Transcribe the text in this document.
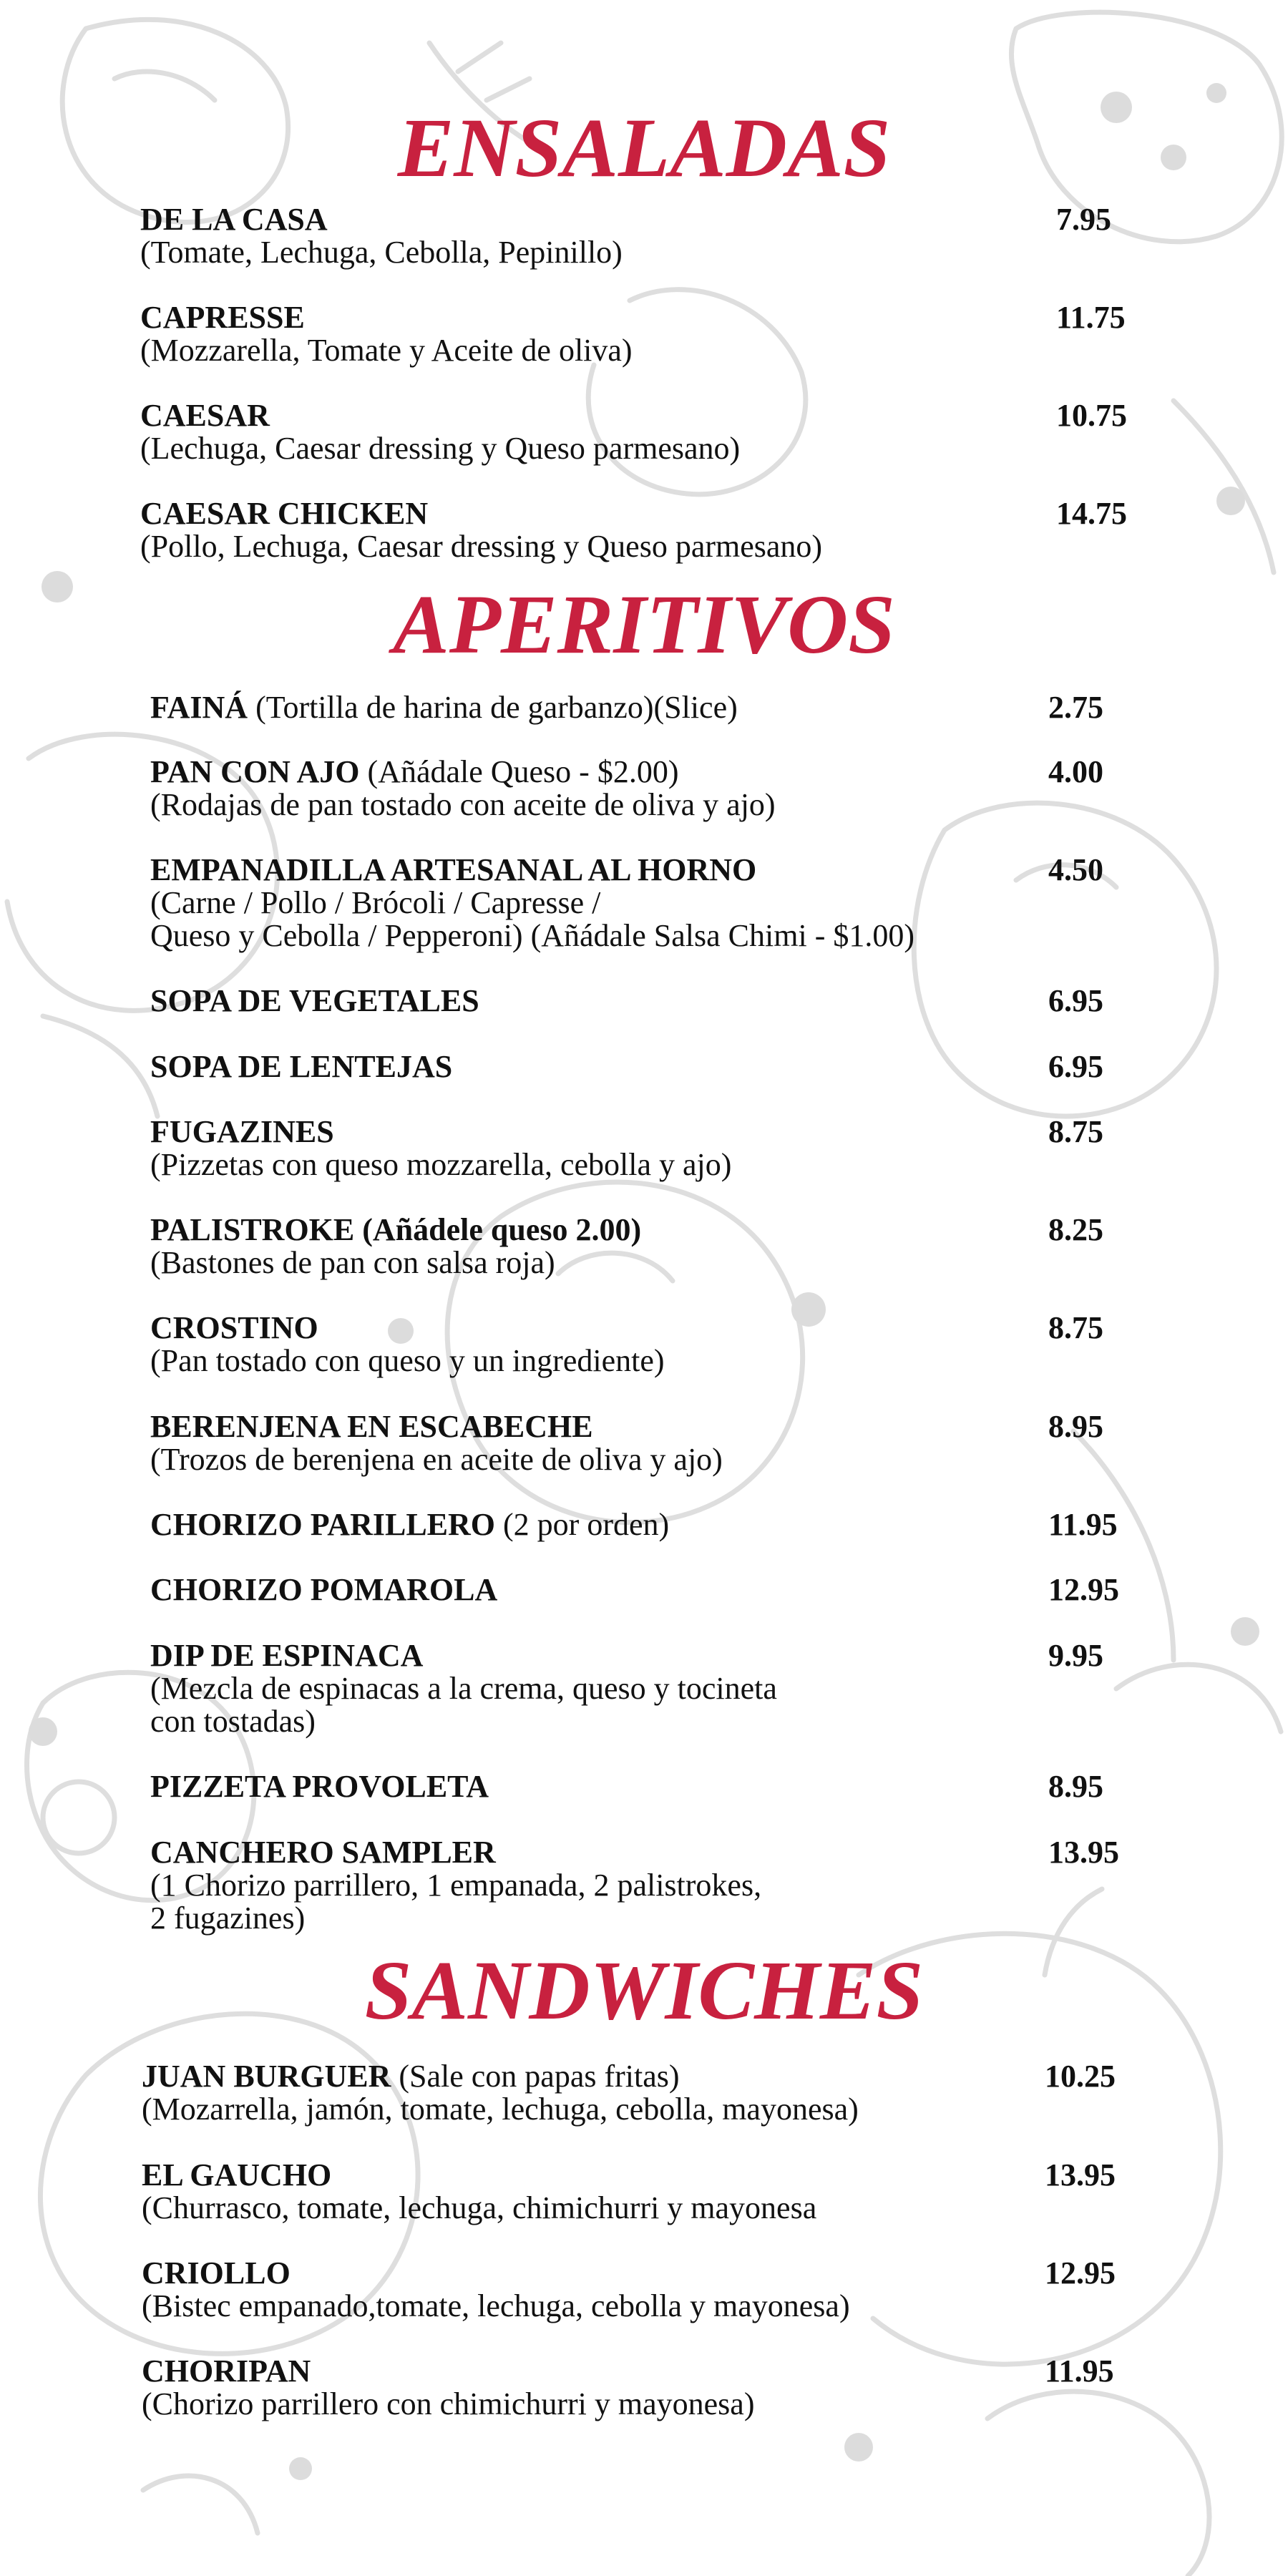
ENSALADAS
DE LA CASA
(Tomate, Lechuga, Cebolla, Pepinillo)
7.95
CAPRESSE
(Mozzarella, Tomate y Aceite de oliva)
11.75
CAESAR
(Lechuga, Caesar dressing y Queso parmesano)
10.75
CAESAR CHICKEN
(Pollo, Lechuga, Caesar dressing y Queso parmesano)
14.75
APERITIVOS
FAINÁ (Tortilla de harina de garbanzo)(Slice)	2.75
PAN CON AJO (Añádale Queso - $2.00)
(Rodajas de pan tostado con aceite de oliva y ajo)
4.00
EMPANADILLA ARTESANAL AL HORNO
(Carne / Pollo / Brócoli / Capresse /
Queso y Cebolla / Pepperoni) (Añádale Salsa Chimi - $1.00)
4.50
SOPA DE VEGETALES	6.95
SOPA DE LENTEJAS	6.95
FUGAZINES
(Pizzetas con queso mozzarella, cebolla y ajo)
8.75
PALISTROKE (Añádele queso 2.00)
(Bastones de pan con salsa roja)
8.25
CROSTINO
(Pan tostado con queso y un ingrediente)
8.75
BERENJENA EN ESCABECHE
(Trozos de berenjena en aceite de oliva y ajo)
8.95
CHORIZO PARILLERO (2 por orden)	11.95
CHORIZO POMAROLA	12.95
DIP DE ESPINACA
(Mezcla de espinacas a la crema, queso y tocineta
con tostadas)
9.95
PIZZETA PROVOLETA	8.95
CANCHERO SAMPLER
(1 Chorizo parrillero, 1 empanada, 2 palistrokes,
2 fugazines)
13.95
SANDWICHES
JUAN BURGUER (Sale con papas fritas)
(Mozarrella, jamón, tomate, lechuga, cebolla, mayonesa)
10.25
EL GAUCHO
(Churrasco, tomate, lechuga, chimichurri y mayonesa
13.95
CRIOLLO
(Bistec empanado,tomate, lechuga, cebolla y mayonesa)
12.95
CHORIPAN
(Chorizo parrillero con chimichurri y mayonesa)
11.95
